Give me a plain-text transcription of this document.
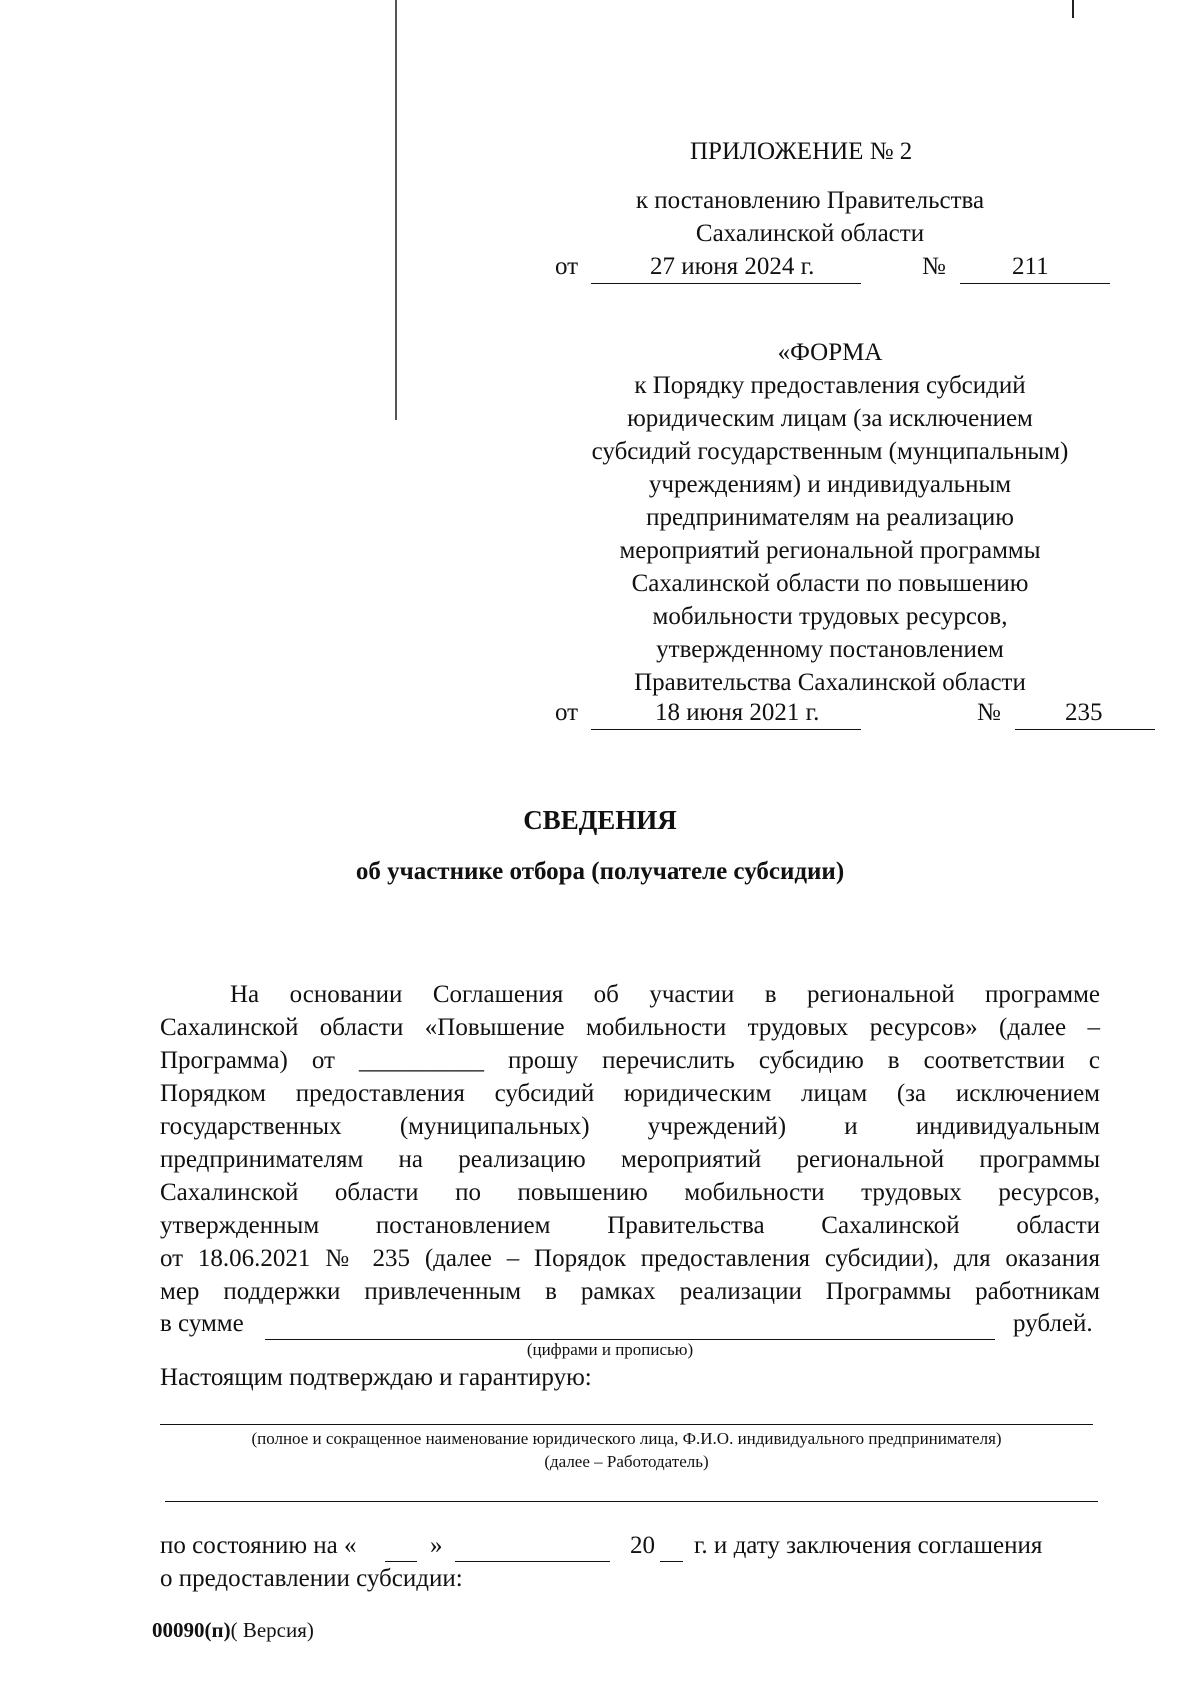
ПРИЛОЖЕНИЕ № 2
к постановлению Правительства
Сахалинской области
от	27 июня 2024 г.	№	211
«ФОРМА
к Порядку предоставления субсидий
юридическим лицам (за исключением
субсидий государственным (мунципальным)
учреждениям) и индивидуальным
предпринимателям на реализацию
мероприятий региональной программы
Сахалинской области по повышению
мобильности трудовых ресурсов,
утвержденному постановлением
Правительства Сахалинской области
от	18 июня 2021 г.	№	235
СВЕДЕНИЯ
об участнике отбора (получателе субсидии)
На основании Соглашения об участии в региональной программе
Сахалинской области «Повышение мобильности трудовых ресурсов» (далее –
Программа) от __________ прошу перечислить субсидию в соответствии с
Порядком предоставления субсидий юридическим лицам (за исключением
государственных (муниципальных) учреждений) и индивидуальным
предпринимателям на реализацию мероприятий региональной программы
Сахалинской области по повышению мобильности трудовых ресурсов,
утвержденным постановлением Правительства Сахалинской области
от 18.06.2021 № 235 (далее – Порядок предоставления субсидии), для оказания
мер поддержки привлеченным в рамках реализации Программы работникам
в сумме	рублей.
(цифрами и прописью)
Настоящим подтверждаю и гарантирую:
(полное и сокращенное наименование юридического лица, Ф.И.О. индивидуального предпринимателя)
(далее – Работодатель)
по состоянию на «	»	20 г. и дату заключения соглашения
о предоставлении субсидии:
00090(п)( Версия)
